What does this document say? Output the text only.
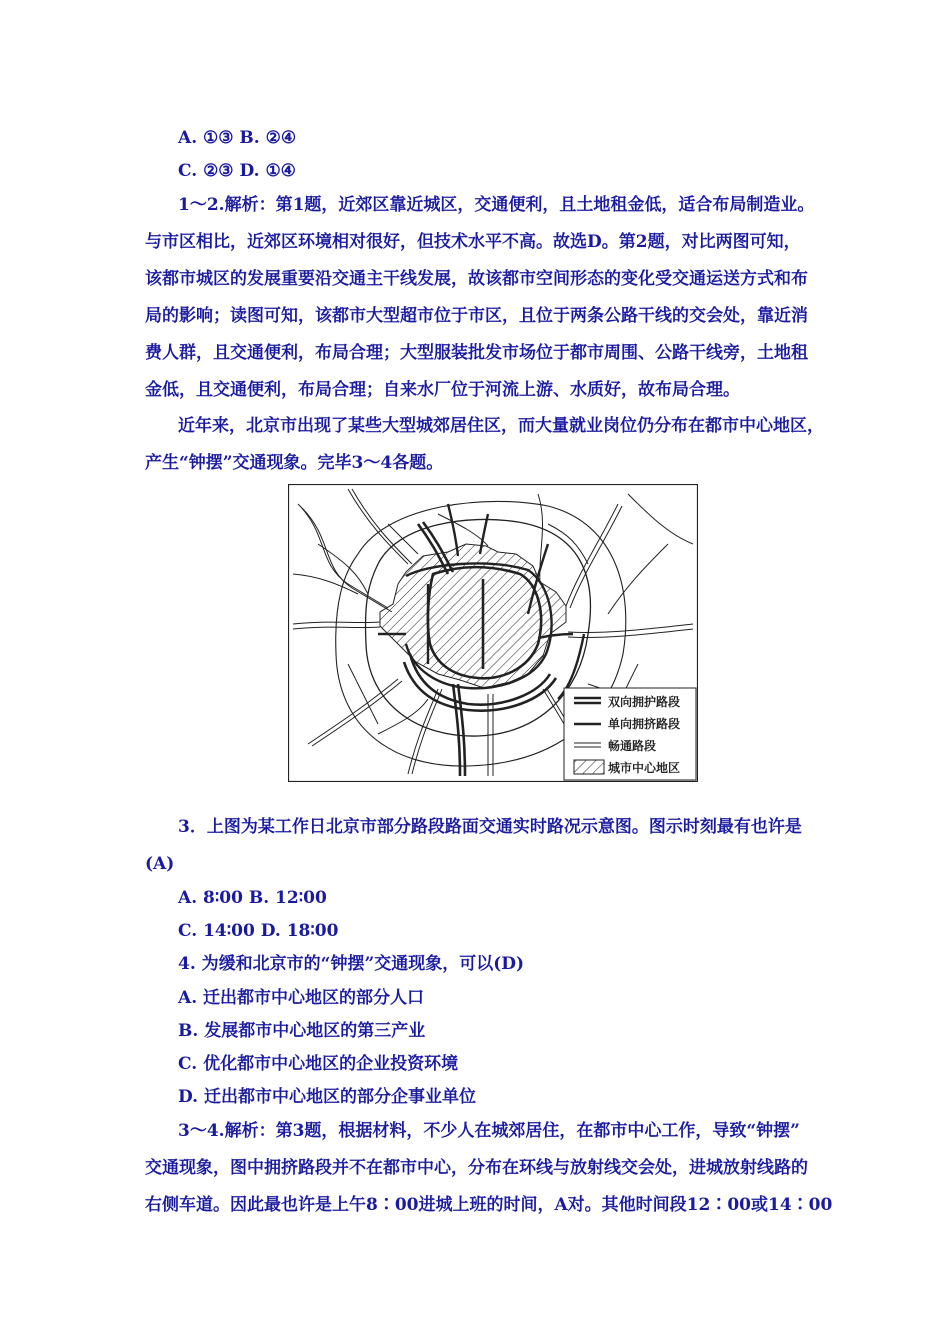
A. ①③ B. ②④
C. ②③ D. ①④
1～2.解析：第1题，近郊区靠近城区，交通便利，且土地租金低，适合布局制造业。
与市区相比，近郊区环境相对很好，但技术水平不高。故选D。第2题，对比两图可知，
该都市城区的发展重要沿交通主干线发展，故该都市空间形态的变化受交通运送方式和布
局的影响；读图可知，该都市大型超市位于市区，且位于两条公路干线的交会处，靠近消
费人群，且交通便利，布局合理；大型服装批发市场位于都市周围、公路干线旁，土地租
金低，且交通便利，布局合理；自来水厂位于河流上游、水质好，故布局合理。
近年来，北京市出现了某些大型城郊居住区，而大量就业岗位仍分布在都市中心地区，
产生“钟摆”交通现象。完毕3～4各题。
双向拥护路段
单向拥挤路段
畅通路段
城市中心地区
3．上图为某工作日北京市部分路段路面交通实时路况示意图。图示时刻最有也许是
(A)
A. 8∶00 B. 12∶00
C. 14∶00 D. 18∶00
4. 为缓和北京市的“钟摆”交通现象，可以(D)
A. 迁出都市中心地区的部分人口
B. 发展都市中心地区的第三产业
C. 优化都市中心地区的企业投资环境
D. 迁出都市中心地区的部分企事业单位
3～4.解析：第3题，根据材料，不少人在城郊居住，在都市中心工作，导致“钟摆”
交通现象，图中拥挤路段并不在都市中心，分布在环线与放射线交会处，进城放射线路的
右侧车道。因此最也许是上午8∶00进城上班的时间，A对。其他时间段12∶00或14∶00
